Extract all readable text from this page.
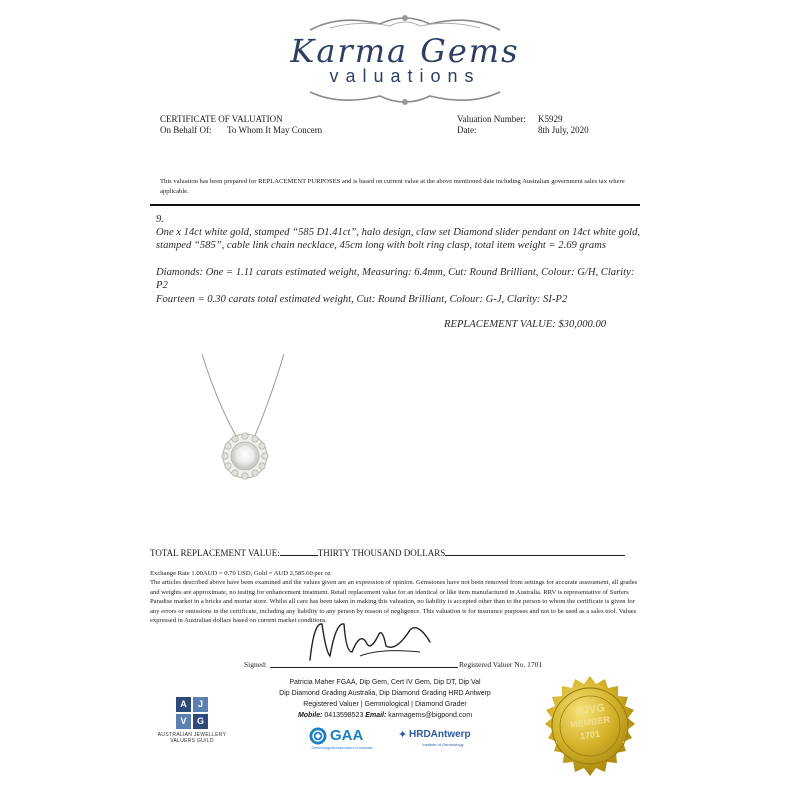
Karma Gems
valuations
CERTIFICATE OF VALUATION
On Behalf Of: To Whom It May Concern
Valuation Number: K5929
Date:	8th July, 2020
This valuation has been prepared for REPLACEMENT PURPOSES and is based on current value at the above mentioned date including Australian government sales tax where applicable.
9.
One x 14ct white gold, stamped “585 D1.41ct”, halo design, claw set Diamond slider pendant on 14ct white gold, stamped “585”, cable link chain necklace, 45cm long with bolt ring clasp, total item weight = 2.69 grams
Diamonds: One = 1.11 carats estimated weight, Measuring: 6.4mm, Cut: Round Brilliant, Colour: G/H, Clarity: P2
Fourteen = 0.30 carats total estimated weight, Cut: Round Brilliant, Colour: G-J, Clarity: SI-P2
REPLACEMENT VALUE: $30,000.00
TOTAL REPLACEMENT VALUE:	THIRTY THOUSAND DOLLARS
Exchange Rate 1.00AUD = 0.70 USD, Gold = AUD 2,585.60 per oz
The articles described above have been examined and the values given are an expression of opinion. Gemstones have not been removed from settings for accurate assessment, all grades and weights are approximate, no testing for enhancement treatment. Retail replacement value for an identical or like item manufactured in Australia. RRV is representative of Surfers Paradise market in a bricks and mortar store. Whilst all care has been taken in making this valuation, no liability is accepted other than to the person to whom the certificate is given for any errors or omissions in the certificate, including any liability to any person by reason of negligence. This valuation is for insurance purposes and not to be used as a sales tool. Values expressed in Australian dollars based on current market conditions.
Signed:	Registered Valuer No. 1701
Patricia Maher FGAA, Dip Gem, Cert IV Gem, Dip DT, Dip Val
Dip Diamond Grading Australia, Dip Diamond Grading HRD Antwerp
Registered Valuer | Gemmological | Diamond Grader
Mobile: 0413598523 Email: karmagems@bigpond.com
A	J
V	G
AUSTRALIAN JEWELLERY
VALUERS GUILD	GAA
Gemmological Association of Australia
✦ HRDAntwerp
Institute of Gemmology
AJVG
MEMBER
1701
